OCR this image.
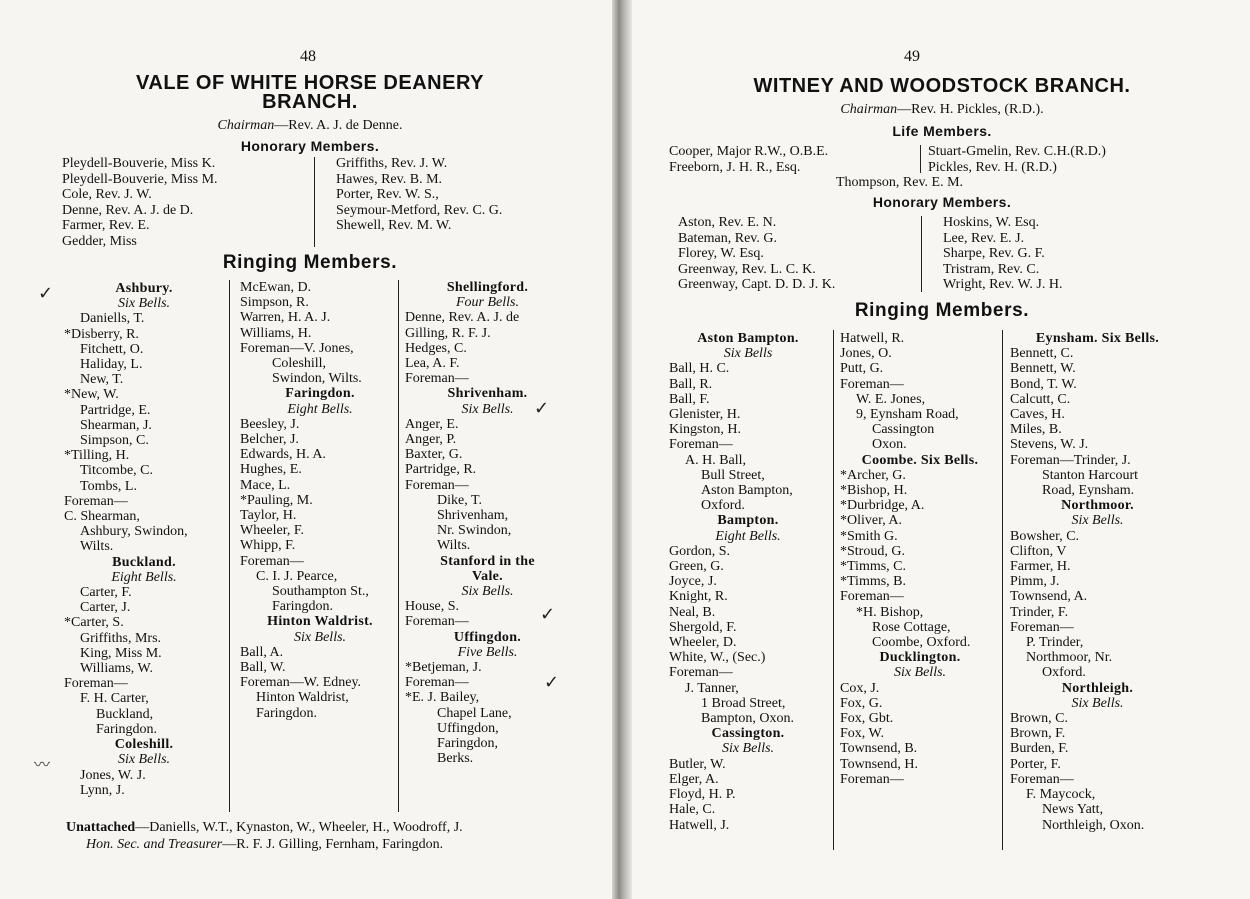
48
VALE OF WHITE HORSE DEANERY
BRANCH.
Chairman—Rev. A. J. de Denne.
Honorary Members.
Pleydell-Bouverie, Miss K.
Pleydell-Bouverie, Miss M.
Cole, Rev. J. W.
Denne, Rev. A. J. de D.
Farmer, Rev. E.
Gedder, Miss
Griffiths, Rev. J. W.
Hawes, Rev. B. M.
Porter, Rev. W. S.,
Seymour-Metford, Rev. C. G.
Shewell, Rev. M. W.
Ringing Members.
Ashbury.
Six Bells.
Daniells, T.
*Disberry, R.
Fitchett, O.
Haliday, L.
New, T.
*New, W.
Partridge, E.
Shearman, J.
Simpson, C.
*Tilling, H.
Titcombe, C.
Tombs, L.
Foreman—
C. Shearman,
Ashbury, Swindon,
Wilts.
Buckland.
Eight Bells.
Carter, F.
Carter, J.
*Carter, S.
Griffiths, Mrs.
King, Miss M.
Williams, W.
Foreman—
F. H. Carter,
Buckland,
Faringdon.
Coleshill.
Six Bells.
Jones, W. J.
Lynn, J.
McEwan, D.
Simpson, R.
Warren, H. A. J.
Williams, H.
Foreman—V. Jones,
Coleshill,
Swindon, Wilts.
Faringdon.
Eight Bells.
Beesley, J.
Belcher, J.
Edwards, H. A.
Hughes, E.
Mace, L.
*Pauling, M.
Taylor, H.
Wheeler, F.
Whipp, F.
Foreman—
C. I. J. Pearce,
Southampton St.,
Faringdon.
Hinton Waldrist.
Six Bells.
Ball, A.
Ball, W.
Foreman—W. Edney.
Hinton Waldrist,
Faringdon.
Shellingford.
Four Bells.
Denne, Rev. A. J. de
Gilling, R. F. J.
Hedges, C.
Lea, A. F.
Foreman—
Shrivenham.
Six Bells.
Anger, E.
Anger, P.
Baxter, G.
Partridge, R.
Foreman—
Dike, T.
Shrivenham,
Nr. Swindon,
Wilts.
Stanford in the
Vale.
Six Bells.
House, S.
Foreman—
Uffingdon.
Five Bells.
*Betjeman, J.
Foreman—
*E. J. Bailey,
Chapel Lane,
Uffingdon,
Faringdon,
Berks.
Unattached—Daniells, W.T., Kynaston, W., Wheeler, H., Woodroff, J.
Hon. Sec. and Treasurer—R. F. J. Gilling, Fernham, Faringdon.
✓
✓
✓
✓
〰
49
WITNEY AND WOODSTOCK BRANCH.
Chairman—Rev. H. Pickles, (R.D.).
Life Members.
Cooper, Major R.W., O.B.E.
Freeborn, J. H. R., Esq.
Stuart-Gmelin, Rev. C.H.(R.D.)
Pickles, Rev. H. (R.D.)
Thompson, Rev. E. M.
Honorary Members.
Aston, Rev. E. N.
Bateman, Rev. G.
Florey, W. Esq.
Greenway, Rev. L. C. K.
Greenway, Capt. D. D. J. K.
Hoskins, W. Esq.
Lee, Rev. E. J.
Sharpe, Rev. G. F.
Tristram, Rev. C.
Wright, Rev. W. J. H.
Ringing Members.
Aston Bampton.
Six Bells
Ball, H. C.
Ball, R.
Ball, F.
Glenister, H.
Kingston, H.
Foreman—
A. H. Ball,
Bull Street,
Aston Bampton,
Oxford.
Bampton.
Eight Bells.
Gordon, S.
Green, G.
Joyce, J.
Knight, R.
Neal, B.
Shergold, F.
Wheeler, D.
White, W., (Sec.)
Foreman—
J. Tanner,
1 Broad Street,
Bampton, Oxon.
Cassington.
Six Bells.
Butler, W.
Elger, A.
Floyd, H. P.
Hale, C.
Hatwell, J.
Hatwell, R.
Jones, O.
Putt, G.
Foreman—
W. E. Jones,
9, Eynsham Road,
Cassington
Oxon.
Coombe. Six Bells.
*Archer, G.
*Bishop, H.
*Durbridge, A.
*Oliver, A.
*Smith G.
*Stroud, G.
*Timms, C.
*Timms, B.
Foreman—
*H. Bishop,
Rose Cottage,
Coombe, Oxford.
Ducklington.
Six Bells.
Cox, J.
Fox, G.
Fox, Gbt.
Fox, W.
Townsend, B.
Townsend, H.
Foreman—
Eynsham. Six Bells.
Bennett, C.
Bennett, W.
Bond, T. W.
Calcutt, C.
Caves, H.
Miles, B.
Stevens, W. J.
Foreman—Trinder, J.
Stanton Harcourt
Road, Eynsham.
Northmoor.
Six Bells.
Bowsher, C.
Clifton, V
Farmer, H.
Pimm, J.
Townsend, A.
Trinder, F.
Foreman—
P. Trinder,
Northmoor, Nr.
Oxford.
Northleigh.
Six Bells.
Brown, C.
Brown, F.
Burden, F.
Porter, F.
Foreman—
F. Maycock,
News Yatt,
Northleigh, Oxon.
